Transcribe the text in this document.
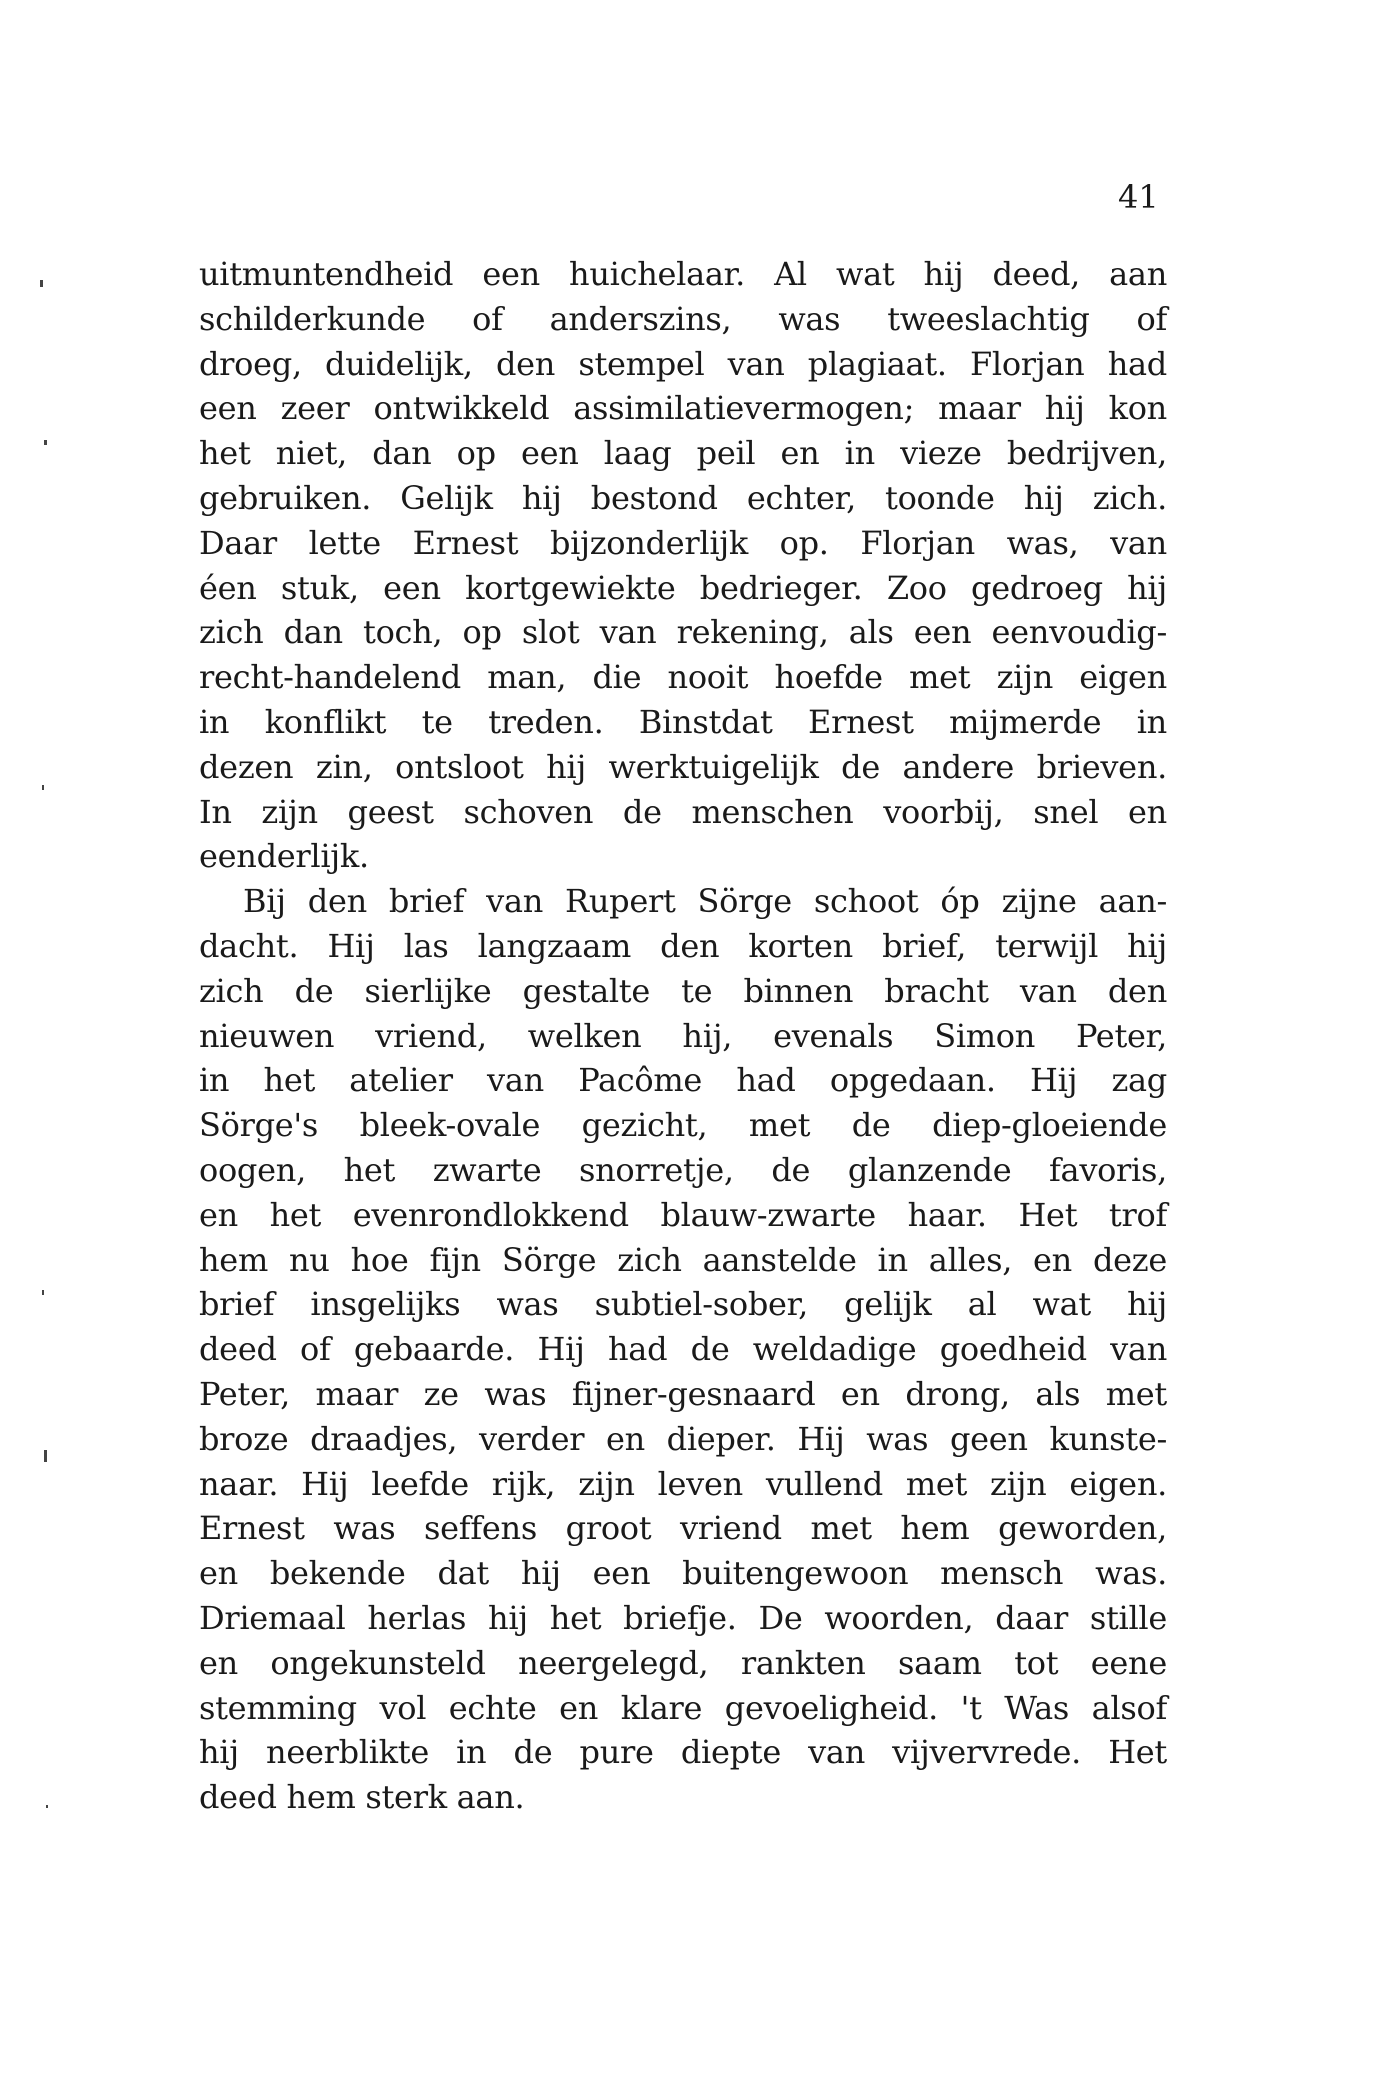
41
uitmuntendheid een huichelaar. Al wat hij deed, aan
schilderkunde of anderszins, was tweeslachtig of
droeg, duidelijk, den stempel van plagiaat. Florjan had
een zeer ontwikkeld assimilatievermogen; maar hij kon
het niet, dan op een laag peil en in vieze bedrijven,
gebruiken. Gelijk hij bestond echter, toonde hij zich.
Daar lette Ernest bijzonderlijk op. Florjan was, van
éen stuk, een kortgewiekte bedrieger. Zoo gedroeg hij
zich dan toch, op slot van rekening, als een eenvoudig-
recht-handelend man, die nooit hoefde met zijn eigen
in konflikt te treden. Binstdat Ernest mijmerde in
dezen zin, ontsloot hij werktuigelijk de andere brieven.
In zijn geest schoven de menschen voorbij, snel en
eenderlijk.
Bij den brief van Rupert Sörge schoot óp zijne aan-
dacht. Hij las langzaam den korten brief, terwijl hij
zich de sierlijke gestalte te binnen bracht van den
nieuwen vriend, welken hij, evenals Simon Peter,
in het atelier van Pacôme had opgedaan. Hij zag
Sörge's bleek-ovale gezicht, met de diep-gloeiende
oogen, het zwarte snorretje, de glanzende favoris,
en het evenrondlokkend blauw-zwarte haar. Het trof
hem nu hoe fijn Sörge zich aanstelde in alles, en deze
brief insgelijks was subtiel-sober, gelijk al wat hij
deed of gebaarde. Hij had de weldadige goedheid van
Peter, maar ze was fijner-gesnaard en drong, als met
broze draadjes, verder en dieper. Hij was geen kunste-
naar. Hij leefde rijk, zijn leven vullend met zijn eigen.
Ernest was seffens groot vriend met hem geworden,
en bekende dat hij een buitengewoon mensch was.
Driemaal herlas hij het briefje. De woorden, daar stille
en ongekunsteld neergelegd, rankten saam tot eene
stemming vol echte en klare gevoeligheid. 't Was alsof
hij neerblikte in de pure diepte van vijvervrede. Het
deed hem sterk aan.
